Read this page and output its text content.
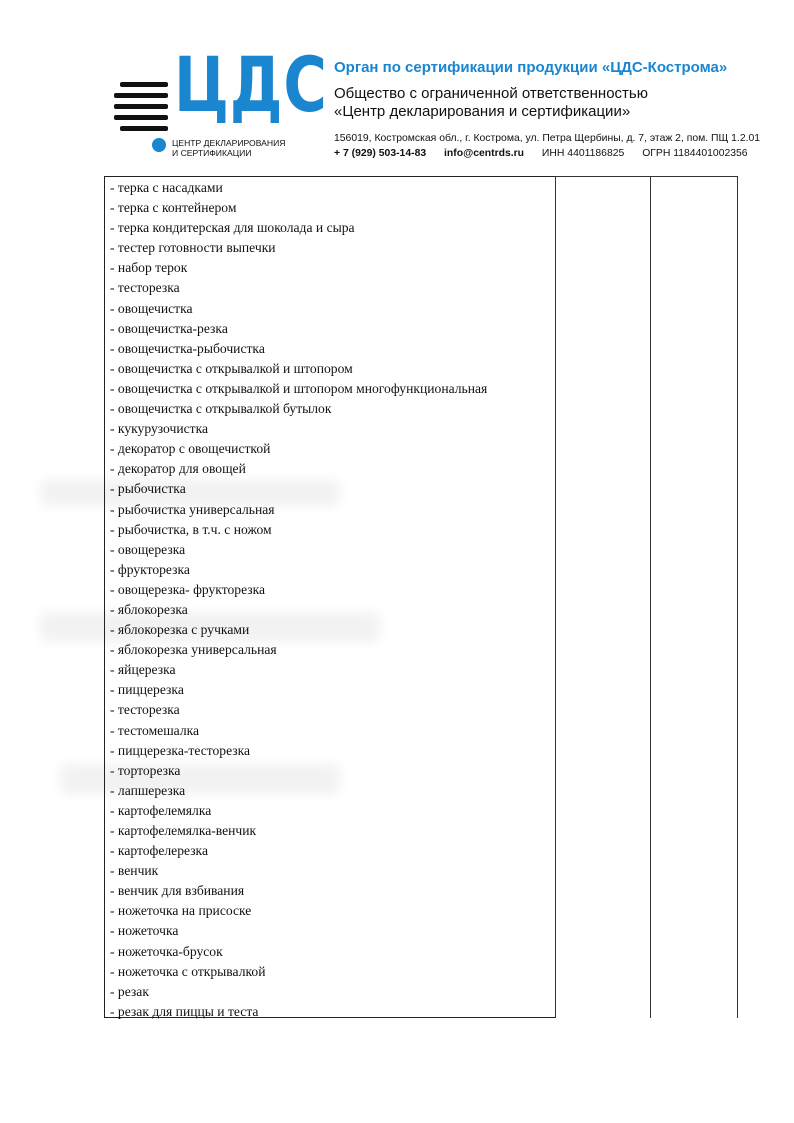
ЦДС
ЦЕНТР ДЕКЛАРИРОВАНИЯ
И СЕРТИФИКАЦИИ
Орган по сертификации продукции «ЦДС-Кострома»
Общество с ограниченной ответственностью
«Центр декларирования и сертификации»
156019, Костромская обл., г. Кострома, ул. Петра Щербины, д. 7, этаж 2, пом. ПЩ 1.2.01
+ 7 (929) 503-14-83 info@centrds.ru ИНН 4401186825 ОГРН 1184401002356
- терка с насадками
- терка с контейнером
- терка кондитерская для шоколада и сыра
- тестер готовности выпечки
- набор терок
- тесторезка
- овощечистка
- овощечистка-резка
- овощечистка-рыбочистка
- овощечистка с открывалкой и штопором
- овощечистка с открывалкой и штопором многофункциональная
- овощечистка с открывалкой бутылок
- кукурузочистка
- декоратор с овощечисткой
- декоратор для овощей
- рыбочистка
- рыбочистка универсальная
- рыбочистка, в т.ч. с ножом
- овощерезка
- фрукторезка
- овощерезка- фрукторезка
- яблокорезка
- яблокорезка с ручками
- яблокорезка универсальная
- яйцерезка
- пиццерезка
- тесторезка
- тестомешалка
- пиццерезка-тесторезка
- торторезка
- лапшерезка
- картофелемялка
- картофелемялка-венчик
- картофелерезка
- венчик
- венчик для взбивания
- ножеточка на присоске
- ножеточка
- ножеточка-брусок
- ножеточка с открывалкой
- резак
- резак для пиццы и теста
